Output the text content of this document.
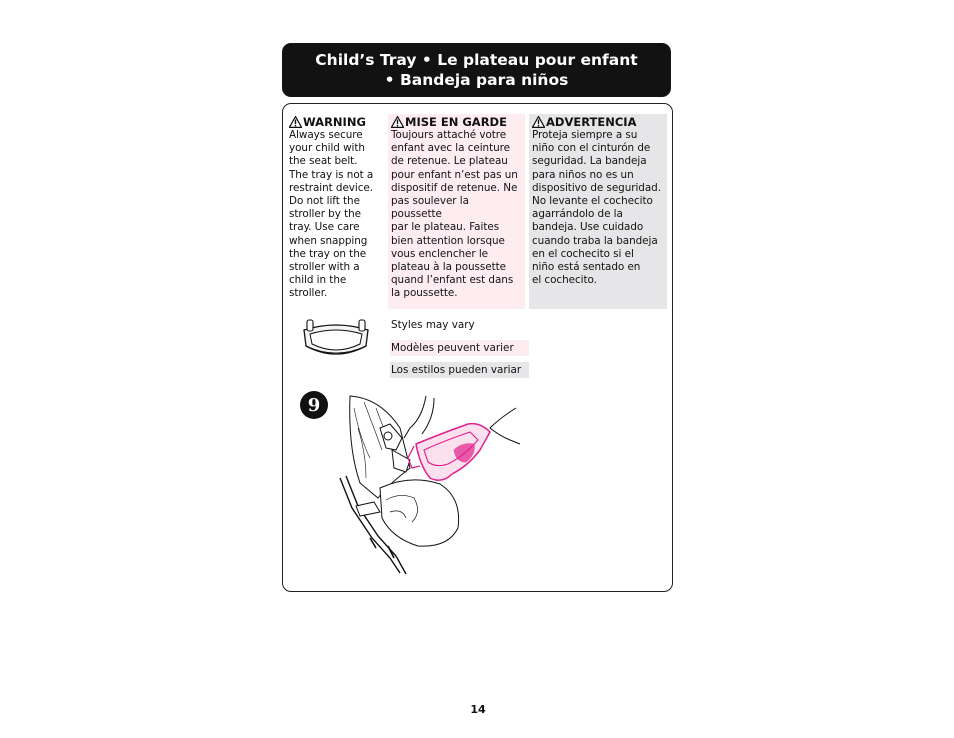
Child’s Tray • Le plateau pour enfant
• Bandeja para niños
WARNING
Always secure
your child with
the seat belt.
The tray is not a
restraint device.
Do not lift the
stroller by the
tray. Use care
when snapping
the tray on the
stroller with a
child in the
stroller.
MISE EN GARDE
Toujours attaché votre
enfant avec la ceinture
de retenue. Le plateau
pour enfant n’est pas un
dispositif de retenue. Ne
pas soulever la poussette
par le plateau. Faites
bien attention lorsque
vous enclencher le
plateau à la poussette
quand l’enfant est dans
la poussette.
ADVERTENCIA
Proteja siempre a su
niño con el cinturón de
seguridad. La bandeja
para niños no es un
dispositivo de seguridad.
No levante el cochecito
agarrándolo de la
bandeja. Use cuidado
cuando traba la bandeja
en el cochecito si el
niño está sentado en
el cochecito.
Styles may vary
Modèles peuvent varier
Los estilos pueden variar
9
14
